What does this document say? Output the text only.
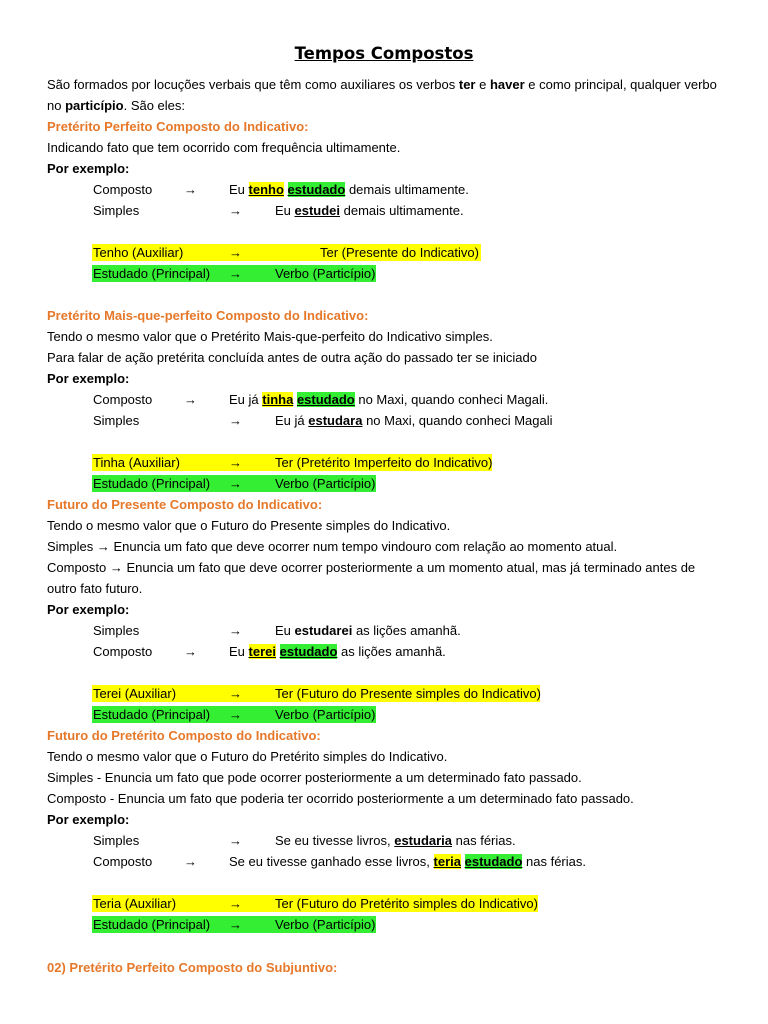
Tempos Compostos
São formados por locuções verbais que têm como auxiliares os verbos ter e haver e como principal, qualquer verbo
no particípio. São eles:
Pretérito Perfeito Composto do Indicativo:
Indicando fato que tem ocorrido com frequência ultimamente.
Por exemplo:
Composto → Eu tenho estudado demais ultimamente.
Simples	→	Eu estudei demais ultimamente.
Tenho (Auxiliar)	→	Ter (Presente do Indicativo)
Estudado (Principal) →	Verbo (Particípio)
Pretérito Mais-que-perfeito Composto do Indicativo:
Tendo o mesmo valor que o Pretérito Mais-que-perfeito do Indicativo simples.
Para falar de ação pretérita concluída antes de outra ação do passado ter se iniciado
Por exemplo:
Composto → Eu já tinha estudado no Maxi, quando conheci Magali.
Simples	→	Eu já estudara no Maxi, quando conheci Magali
Tinha (Auxiliar)	→	Ter (Pretérito Imperfeito do Indicativo)
Estudado (Principal) →	Verbo (Particípio)
Futuro do Presente Composto do Indicativo:
Tendo o mesmo valor que o Futuro do Presente simples do Indicativo.
Simples → Enuncia um fato que deve ocorrer num tempo vindouro com relação ao momento atual.
Composto → Enuncia um fato que deve ocorrer posteriormente a um momento atual, mas já terminado antes de
outro fato futuro.
Por exemplo:
Simples	→	Eu estudarei as lições amanhã.
Composto → Eu terei estudado as lições amanhã.
Terei (Auxiliar)	→	Ter (Futuro do Presente simples do Indicativo)
Estudado (Principal) →	Verbo (Particípio)
Futuro do Pretérito Composto do Indicativo:
Tendo o mesmo valor que o Futuro do Pretérito simples do Indicativo.
Simples - Enuncia um fato que pode ocorrer posteriormente a um determinado fato passado.
Composto - Enuncia um fato que poderia ter ocorrido posteriormente a um determinado fato passado.
Por exemplo:
Simples	→	Se eu tivesse livros, estudaria nas férias.
Composto → Se eu tivesse ganhado esse livros, teria estudado nas férias.
Teria (Auxiliar)	→	Ter (Futuro do Pretérito simples do Indicativo)
Estudado (Principal) →	Verbo (Particípio)
02) Pretérito Perfeito Composto do Subjuntivo:
